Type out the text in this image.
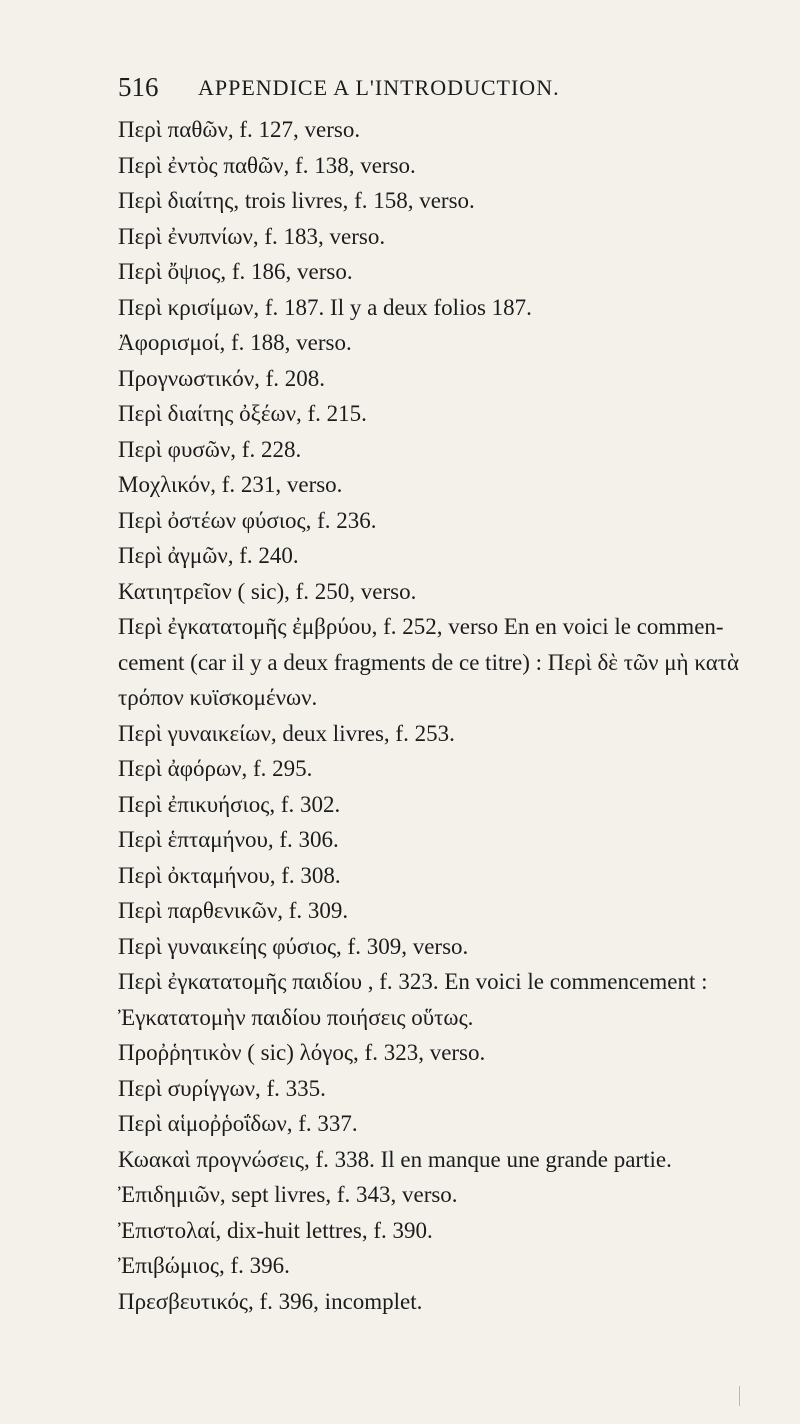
516 APPENDICE A L'INTRODUCTION.
Περὶ παθῶν, f. 127, verso.
Περὶ ἐντὸς παθῶν, f. 138, verso.
Περὶ διαίτης, trois livres, f. 158, verso.
Περὶ ἐνυπνίων, f. 183, verso.
Περὶ ὄψιος, f. 186, verso.
Περὶ κρισίμων, f. 187. Il y a deux folios 187.
Ἀφορισμοί, f. 188, verso.
Προγνωστικόν, f. 208.
Περὶ διαίτης ὀξέων, f. 215.
Περὶ φυσῶν, f. 228.
Μοχλικόν, f. 231, verso.
Περὶ ὀστέων φύσιος, f. 236.
Περὶ ἀγμῶν, f. 240.
Κατιητρεῖον ( sic), f. 250, verso.
Περὶ ἐγκατατομῆς ἐμβρύου, f. 252, verso En en voici le commen-
cement (car il y a deux fragments de ce titre) : Περὶ δὲ τῶν μὴ κατὰ
τρόπον κυϊσκομένων.
Περὶ γυναικείων, deux livres, f. 253.
Περὶ ἀφόρων, f. 295.
Περὶ ἐπικυήσιος, f. 302.
Περὶ ἑπταμήνου, f. 306.
Περὶ ὀκταμήνου, f. 308.
Περὶ παρθενικῶν, f. 309.
Περὶ γυναικείης φύσιος, f. 309, verso.
Περὶ ἐγκατατομῆς παιδίου , f. 323. En voici le commencement :
Ἐγκατατομὴν παιδίου ποιήσεις οὕτως.
Προῤῥητικὸν ( sic) λόγος, f. 323, verso.
Περὶ συρίγγων, f. 335.
Περὶ αἱμοῤῥοΐδων, f. 337.
Κωακαὶ προγνώσεις, f. 338. Il en manque une grande partie.
Ἐπιδημιῶν, sept livres, f. 343, verso.
Ἐπιστολαί, dix-huit lettres, f. 390.
Ἐπιβώμιος, f. 396.
Πρεσβευτικός, f. 396, incomplet.
